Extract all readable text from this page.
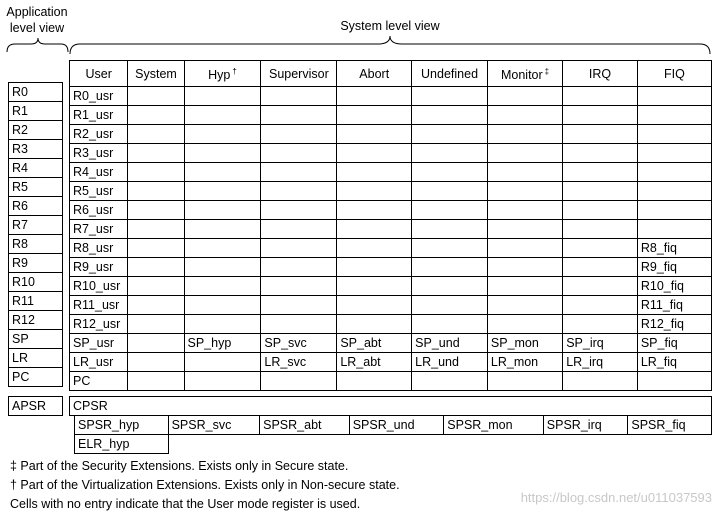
Application level view	System level view
R0
R1
R2
R3
R4
R5
R6
R7
R8
R9
R10
R11
R12
SP
LR
PC
User	System	Hyp †	Supervisor	Abort	Undefined	Monitor ‡	IRQ	FIQ
R0_usr								
R1_usr								
R2_usr								
R3_usr								
R4_usr								
R5_usr								
R6_usr								
R7_usr								
R8_usr								R8_fiq
R9_usr								R9_fiq
R10_usr								R10_fiq
R11_usr								R11_fiq
R12_usr								R12_fiq
SP_usr		SP_hyp	SP_svc	SP_abt	SP_und	SP_mon	SP_irq	SP_fiq
LR_usr			LR_svc	LR_abt	LR_und	LR_mon	LR_irq	LR_fiq
PC								
APSR CPSR							
	SPSR_hyp	SPSR_svc	SPSR_abt	SPSR_und	SPSR_mon	SPSR_irq	SPSR_fiq
	ELR_hyp						
‡ Part of the Security Extensions. Exists only in Secure state.
† Part of the Virtualization Extensions. Exists only in Non-secure state.
Cells with no entry indicate that the User mode register is used.	https://blog.csdn.net/u011037593
